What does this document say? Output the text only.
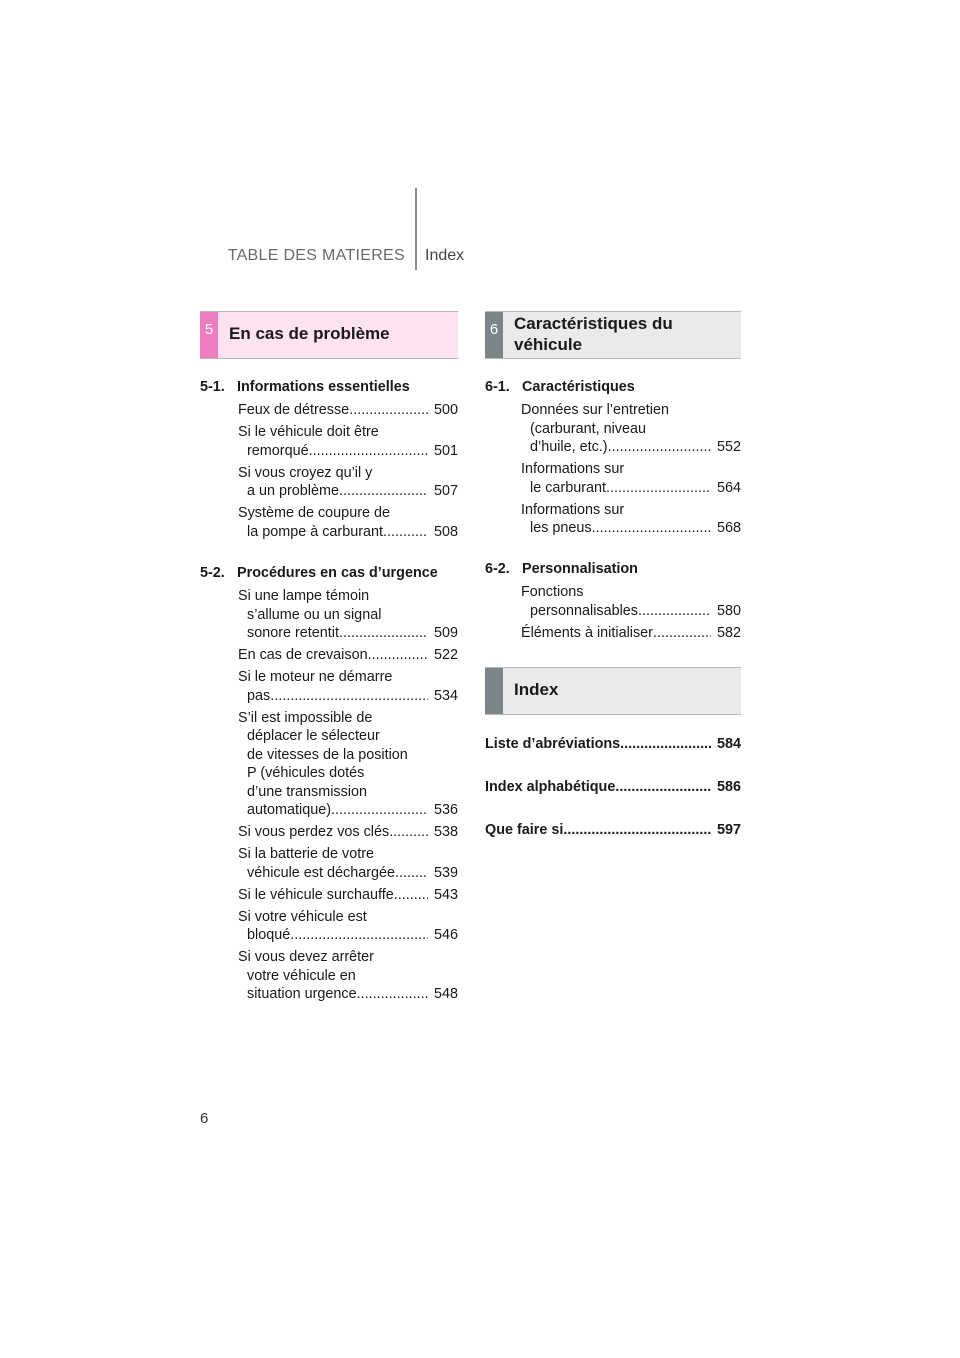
TABLE DES MATIERES Index
5 En cas de problème
5-1. Informations essentielles
Feux de détresse .....	500
Si le véhicule doit être
remorqué .....	501
Si vous croyez qu’il y
a un problème .....	507
Système de coupure de
la pompe à carburant .....	508
5-2. Procédures en cas d’urgence
Si une lampe témoin
s’allume ou un signal
sonore retentit... .....	509
En cas de crevaison .....	522
Si le moteur ne démarre
pas .....	534
S’il est impossible de
déplacer le sélecteur
de vitesses de la position
P (véhicules dotés
d’une transmission
automatique) .....	536
Si vous perdez vos clés .....	538
Si la batterie de votre
véhicule est déchargée .....	539
Si le véhicule surchauffe .....	543
Si votre véhicule est
bloqué .....	546
Si vous devez arrêter
votre véhicule en
situation urgence .....	548
6 Caractéristiques du
véhicule
6-1. Caractéristiques
Données sur l’entretien
(carburant, niveau
d’huile, etc.) .....	552
Informations sur
le carburant .....	564
Informations sur
les pneus .....	568
6-2. Personnalisation
Fonctions
personnalisables .....	580
Éléments à initialiser .....	582
Index
Liste d’abréviations .....	584
Index alphabétique .....	586
Que faire si... .....	597
6
